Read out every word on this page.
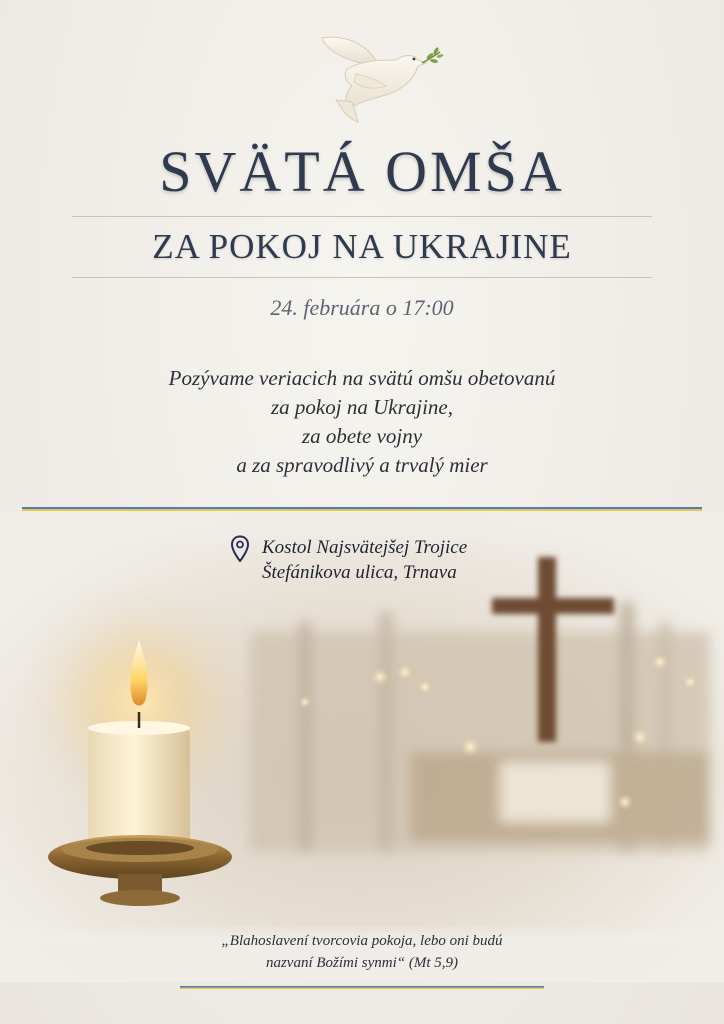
SVÄTÁ OMŠA
ZA POKOJ NA UKRAJINE
24. februára o 17:00
Pozývame veriacich na svätú omšu obetovanú
za pokoj na Ukrajine,
za obete vojny
a za spravodlivý a trvalý mier
Kostol Najsvätejšej Trojice
Štefánikova ulica, Trnava
„Blahoslavení tvorcovia pokoja, lebo oni budú
nazvaní Božími synmi“ (Mt 5,9)
